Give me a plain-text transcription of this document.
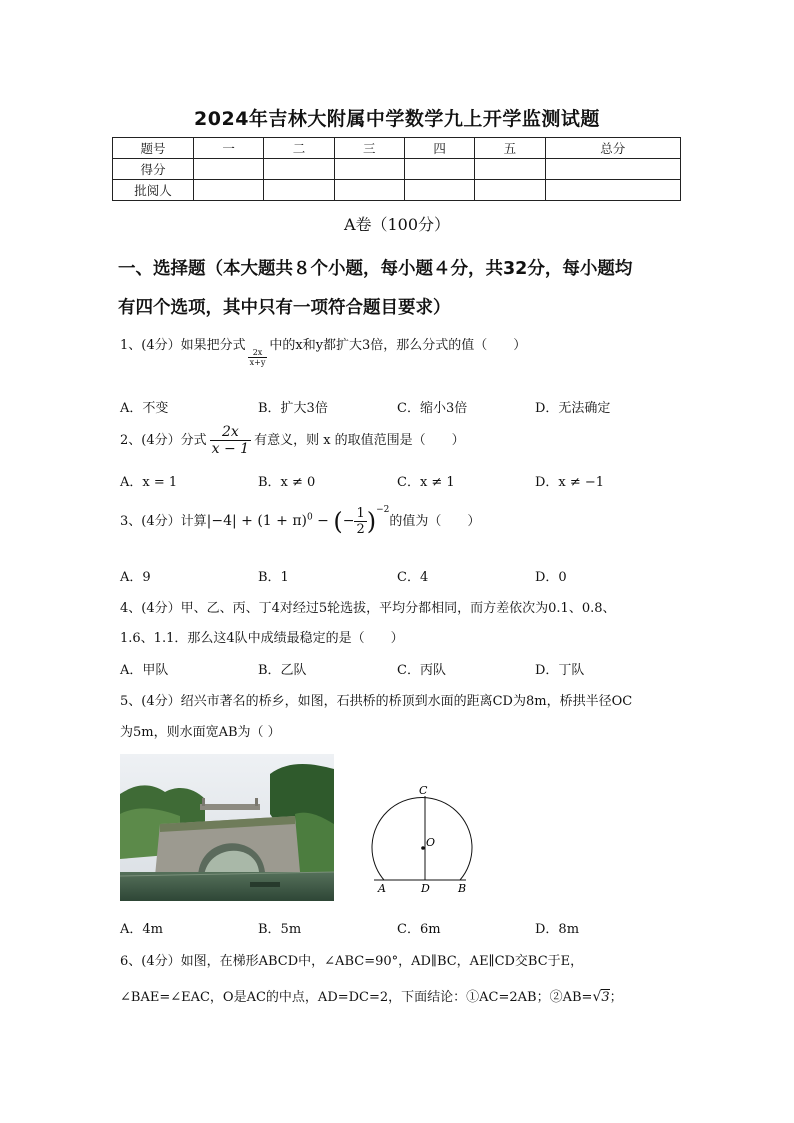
2024年吉林大附属中学数学九上开学监测试题
题号	一	二	三	四	五	总分
得分						
批阅人						
A卷（100分）
一、选择题（本大题共８个小题，每小题４分，共32分，每小题均
有四个选项，其中只有一项符合题目要求）
1、(4分）如果把分式
$\frac{2x}{x+y}$
中的x和y都扩大3倍，那么分式的值（　　）
A．不变	B．扩大3倍	C．缩小3倍	D．无法确定
2、(4分）分式 $\frac{2x}{x - 1}$ 有意义，则 x 的取值范围是（　　）
A．x = 1	B．x ≠ 0	C．x ≠ 1	D．x ≠ −1
3、(4分）计算$|-4| + (1 + \pi)^0$ − (− $\frac{1}{2} )^{-2}$的值为（　　）
A．9	B．1	C．4	D．0
4、(4分）甲、乙、丙、丁4对经过5轮选拔，平均分都相同，而方差依次为0.1、0.8、
1.6、1.1．那么这4队中成绩最稳定的是（　　）
A．甲队	B．乙队	C．丙队	D．丁队
5、(4分）绍兴市著名的桥乡，如图，石拱桥的桥顶到水面的距离CD为8m，桥拱半径OC
为5m，则水面宽AB为（ ）
C
O
A	D	B
A．4m	B．5m	C．6m	D．8m
6、(4分）如图，在梯形ABCD中，∠ABC=90°，AD∥BC，AE∥CD交BC于E，
∠BAE=∠EAC，O是AC的中点，AD=DC=2，下面结论：①AC=2AB；②AB=√3；
